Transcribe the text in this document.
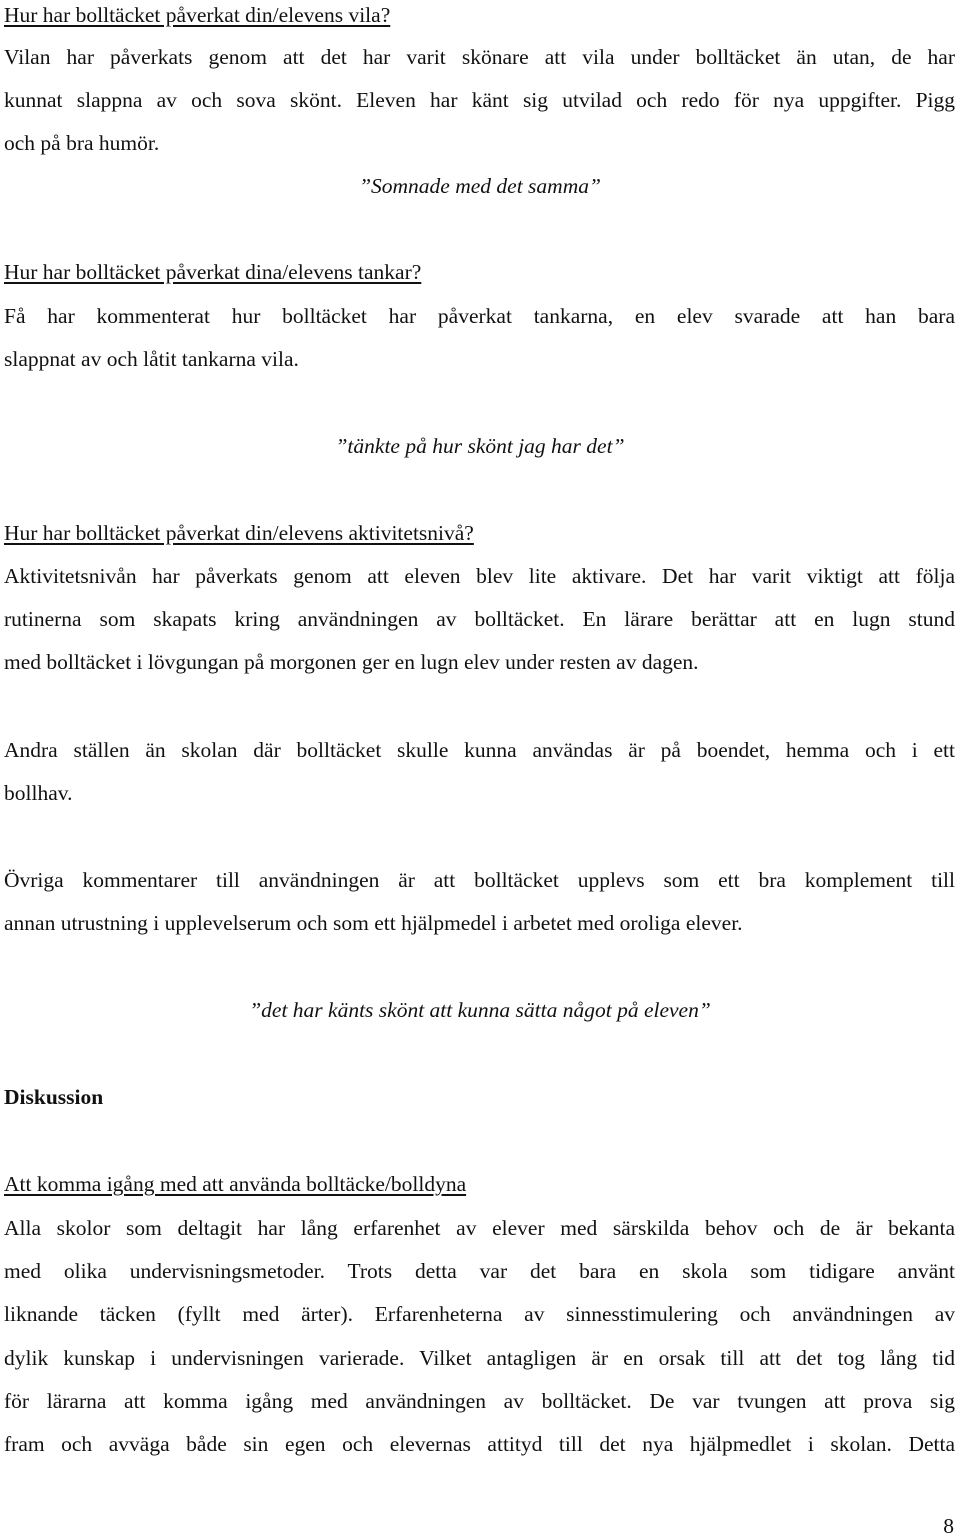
Hur har bolltäcket påverkat din/elevens vila?
Vilan har påverkats genom att det har varit skönare att vila under bolltäcket än utan, de har
kunnat slappna av och sova skönt. Eleven har känt sig utvilad och redo för nya uppgifter. Pigg
och på bra humör.
”Somnade med det samma”
Hur har bolltäcket påverkat dina/elevens tankar?
Få har kommenterat hur bolltäcket har påverkat tankarna, en elev svarade att han bara
slappnat av och låtit tankarna vila.
”tänkte på hur skönt jag har det”
Hur har bolltäcket påverkat din/elevens aktivitetsnivå?
Aktivitetsnivån har påverkats genom att eleven blev lite aktivare. Det har varit viktigt att följa
rutinerna som skapats kring användningen av bolltäcket. En lärare berättar att en lugn stund
med bolltäcket i lövgungan på morgonen ger en lugn elev under resten av dagen.
Andra ställen än skolan där bolltäcket skulle kunna användas är på boendet, hemma och i ett
bollhav.
Övriga kommentarer till användningen är att bolltäcket upplevs som ett bra komplement till
annan utrustning i upplevelserum och som ett hjälpmedel i arbetet med oroliga elever.
”det har känts skönt att kunna sätta något på eleven”
Diskussion
Att komma igång med att använda bolltäcke/bolldyna
Alla skolor som deltagit har lång erfarenhet av elever med särskilda behov och de är bekanta
med olika undervisningsmetoder. Trots detta var det bara en skola som tidigare använt
liknande täcken (fyllt med ärter). Erfarenheterna av sinnesstimulering och användningen av
dylik kunskap i undervisningen varierade. Vilket antagligen är en orsak till att det tog lång tid
för lärarna att komma igång med användningen av bolltäcket. De var tvungen att prova sig
fram och avväga både sin egen och elevernas attityd till det nya hjälpmedlet i skolan. Detta
8
